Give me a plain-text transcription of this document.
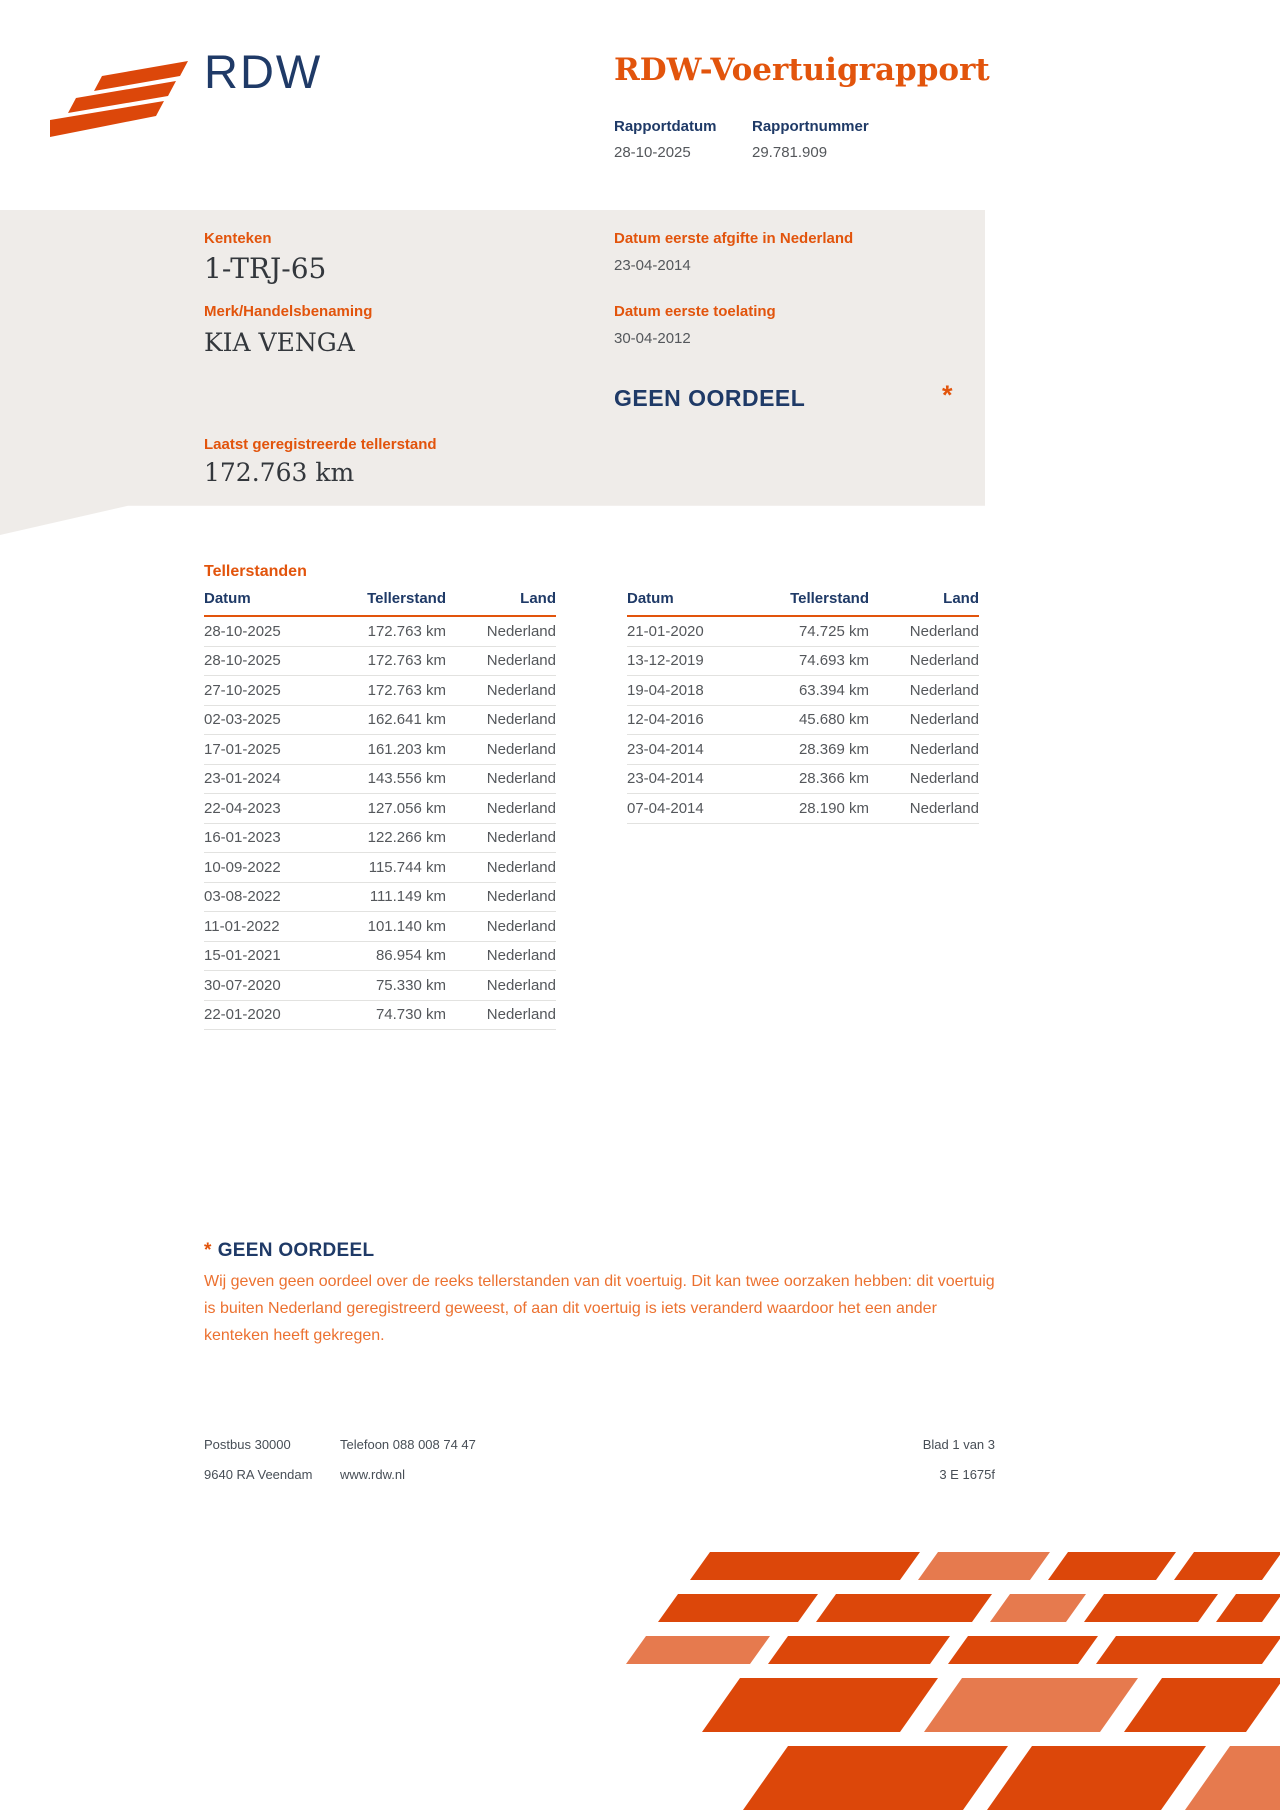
RDW	RDW-Voertuigrapport
Rapportdatum
28-10-2025
Rapportnummer
29.781.909
Kenteken
1-TRJ-65
Merk/Handelsbenaming
KIA VENGA
Datum eerste afgifte in Nederland
23-04-2014
Datum eerste toelating
30-04-2012
GEEN OORDEEL	*
Laatst geregistreerde tellerstand
172.763 km
Tellerstanden
Datum	Tellerstand	Land
28-10-2025	172.763 km	Nederland
28-10-2025	172.763 km	Nederland
27-10-2025	172.763 km	Nederland
02-03-2025	162.641 km	Nederland
17-01-2025	161.203 km	Nederland
23-01-2024	143.556 km	Nederland
22-04-2023	127.056 km	Nederland
16-01-2023	122.266 km	Nederland
10-09-2022	115.744 km	Nederland
03-08-2022	111.149 km	Nederland
11-01-2022	101.140 km	Nederland
15-01-2021	86.954 km	Nederland
30-07-2020	75.330 km	Nederland
22-01-2020	74.730 km	Nederland
Datum	Tellerstand	Land
21-01-2020	74.725 km	Nederland
13-12-2019	74.693 km	Nederland
19-04-2018	63.394 km	Nederland
12-04-2016	45.680 km	Nederland
23-04-2014	28.369 km	Nederland
23-04-2014	28.366 km	Nederland
07-04-2014	28.190 km	Nederland
* GEEN OORDEEL
Wij geven geen oordeel over de reeks tellerstanden van dit voertuig. Dit kan twee oorzaken hebben: dit voertuig is buiten Nederland geregistreerd geweest, of aan dit voertuig is iets veranderd waardoor het een ander kenteken heeft gekregen.
Postbus 30000	Telefoon 088 008 74 47	Blad 1 van 3
9640 RA Veendam	www.rdw.nl	3 E 1675f
